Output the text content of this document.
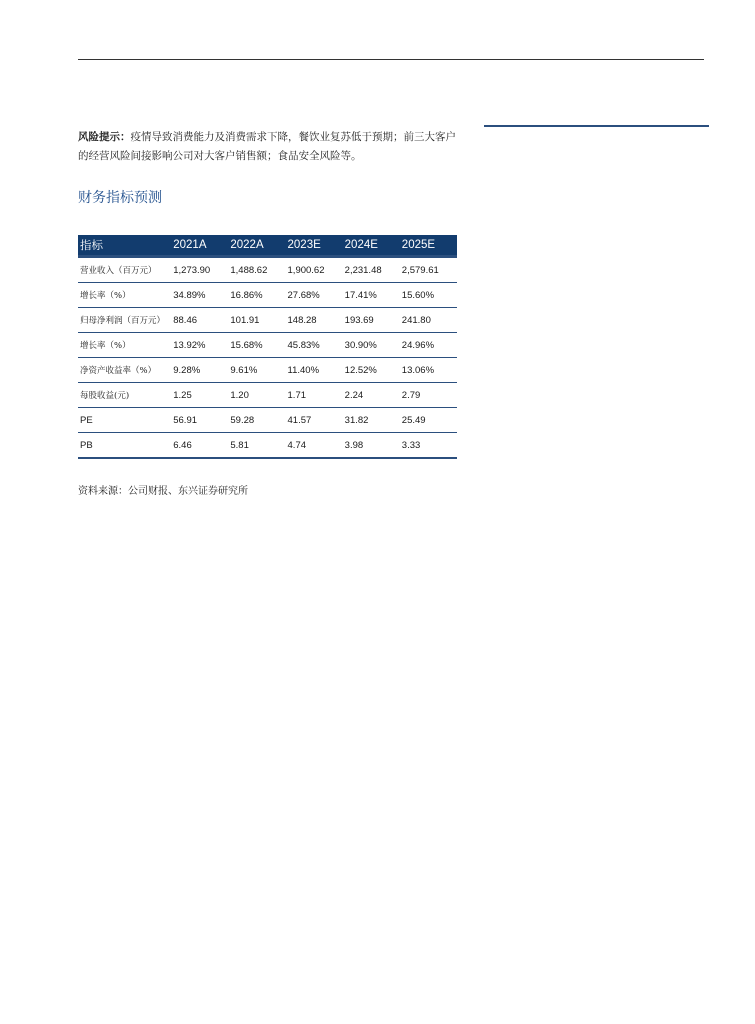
风险提示：疫情导致消费能力及消费需求下降，餐饮业复苏低于预期；前三大客户的经营风险间接影响公司对大客户销售额；食品安全风险等。

财务指标预测
指标	2021A	2022A	2023E	2024E	2025E
营业收入（百万元）	1,273.90	1,488.62	1,900.62	2,231.48	2,579.61
增长率（%）	34.89%	16.86%	27.68%	17.41%	15.60%
归母净利润（百万元）	88.46	101.91	148.28	193.69	241.80
增长率（%）	13.92%	15.68%	45.83%	30.90%	24.96%
净资产收益率（%）	9.28%	9.61%	11.40%	12.52%	13.06%
每股收益(元)	1.25	1.20	1.71	2.24	2.79
PE	56.91	59.28	41.57	31.82	25.49
PB	6.46	5.81	4.74	3.98	3.33

资料来源：公司财报、东兴证券研究所
